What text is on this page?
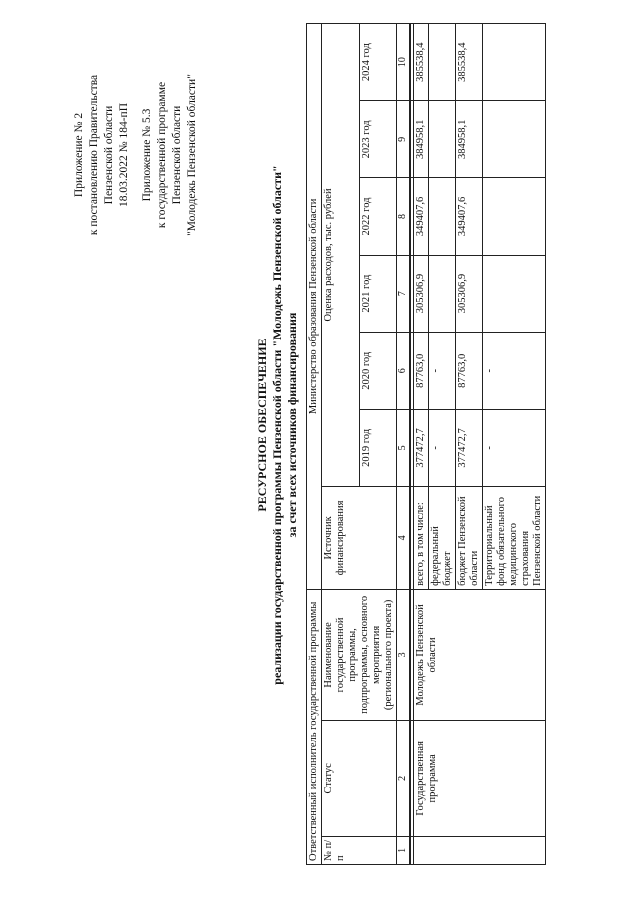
Приложение № 2 к постановлению Правительства Пензенской области 18.03.2022 № 184-пП Приложение № 5.3 к государственной программе Пензенской области "Молодежь Пензенской области"
РЕСУРСНОЕ ОБЕСПЕЧЕНИЕ реализации государственной программы Пензенской области "Молодежь Пензенской области" за счет всех источников финансирования
Ответственный исполнитель государственной программы			Министерство образования Пензенской области						
№ п/п	Статус	Наименование государственной программы, подпрограммы, основного мероприятия (регионального проекта)	Источник финансирования	Оценка расходов, тыс. рублей					
				2019 год	2020 год	2021 год	2022 год	2023 год	2024 год
1	2	3	4	5	6	7	8	9	10

	Государственная программа	Молодежь Пензенской области	всего, в том числе:	377472,7	87763,0	305306,9	349407,6	384958,1	385538,4
			федеральный бюджет	-	-				
			бюджет Пензенской области	377472,7	87763,0	305306,9	349407,6	384958,1	385538,4
			Территориальный фонд обязательного медицинского страхования Пензенской области	-	-				
